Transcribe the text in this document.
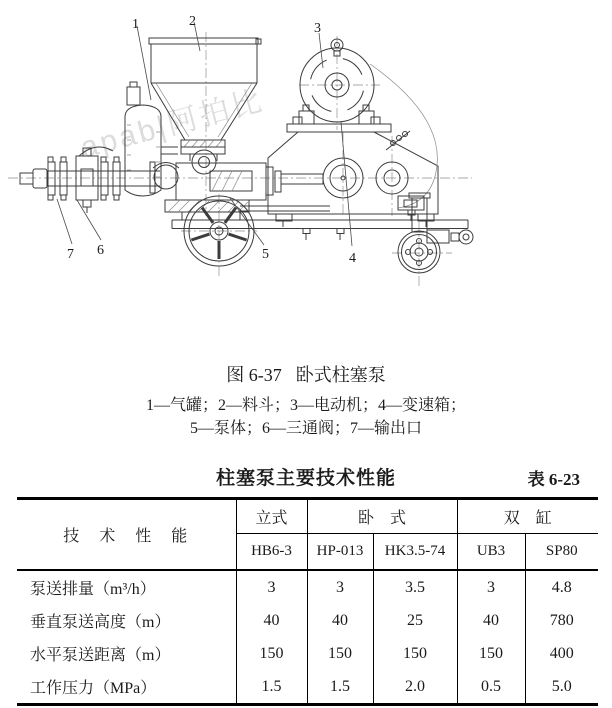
apab|阿拍比
1	2	3
4
5
6
7
图 6-37 卧式柱塞泵
1—气罐；2—料斗；3—电动机；4—变速箱；
5—泵体；6—三通阀；7—输出口
柱塞泵主要技术性能	表 6-23
技　术　性　能	立式	卧　式		双　缸	
	HB6-3	HP-013	HK3.5-74	UB3	SP80
泵送排量（m³/h）	3	3	3.5	3	4.8
垂直泵送高度（m）	40	40	25	40	780
水平泵送距离（m）	150	150	150	150	400
工作压力（MPa）	1.5	1.5	2.0	0.5	5.0
